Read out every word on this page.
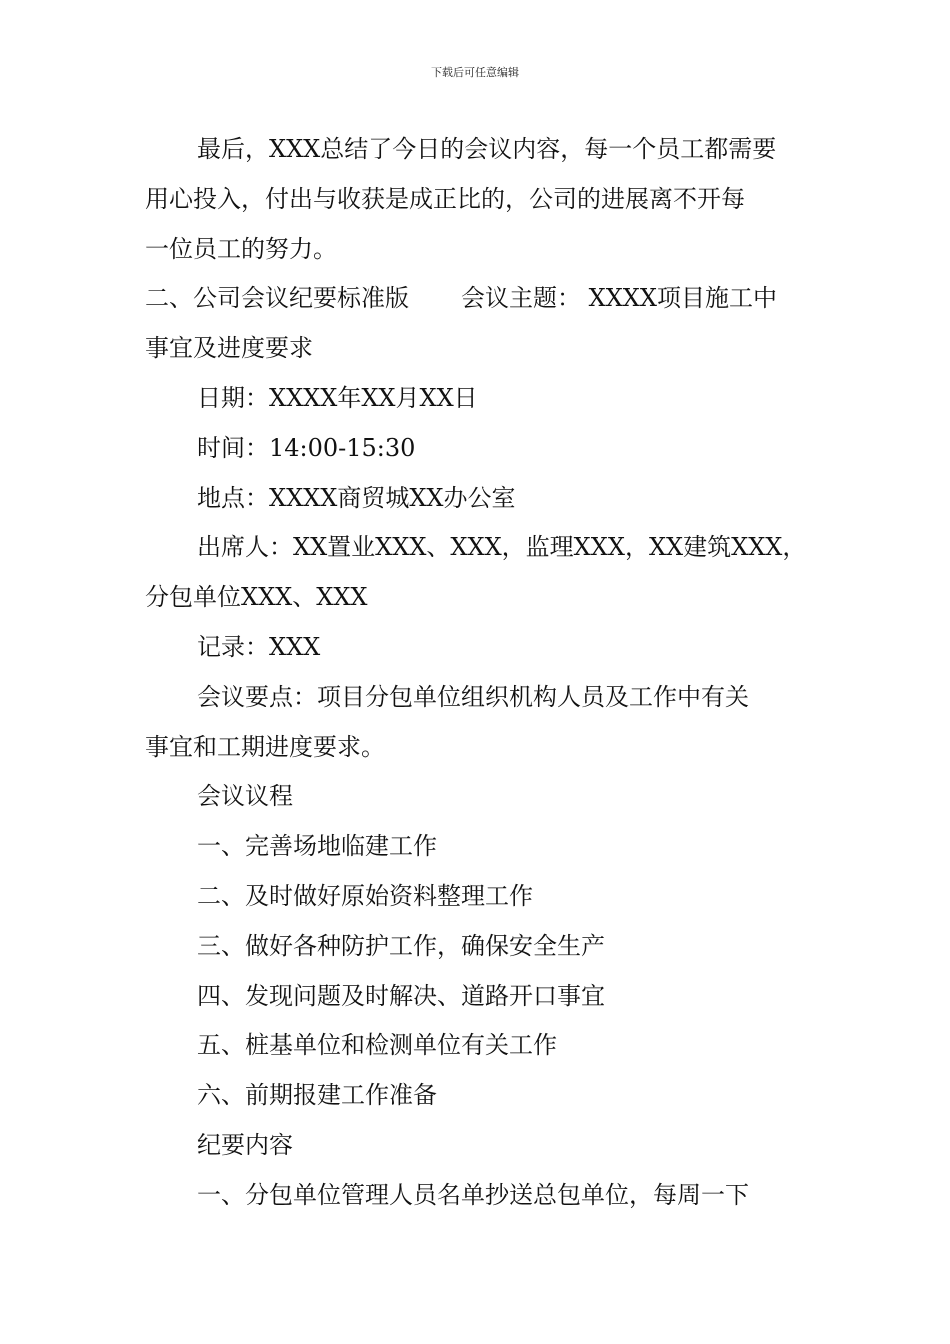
下载后可任意编辑
最后，XXX总结了今日的会议内容，每一个员工都需要
用心投入，付出与收获是成正比的，公司的进展离不开每
一位员工的努力。
二、公司会议纪要标准版 会议主题： XXXX项目施工中
事宜及进度要求
日期：XXXX年XX月XX日
时间：14:00-15:30
地点：XXXX商贸城XX办公室
出席人：XX置业XXX、XXX，监理XXX，XX建筑XXX，
分包单位XXX、XXX
记录：XXX
会议要点：项目分包单位组织机构人员及工作中有关
事宜和工期进度要求。
会议议程
一、完善场地临建工作
二、及时做好原始资料整理工作
三、做好各种防护工作，确保安全生产
四、发现问题及时解决、道路开口事宜
五、桩基单位和检测单位有关工作
六、前期报建工作准备
纪要内容
一、分包单位管理人员名单抄送总包单位，每周一下
